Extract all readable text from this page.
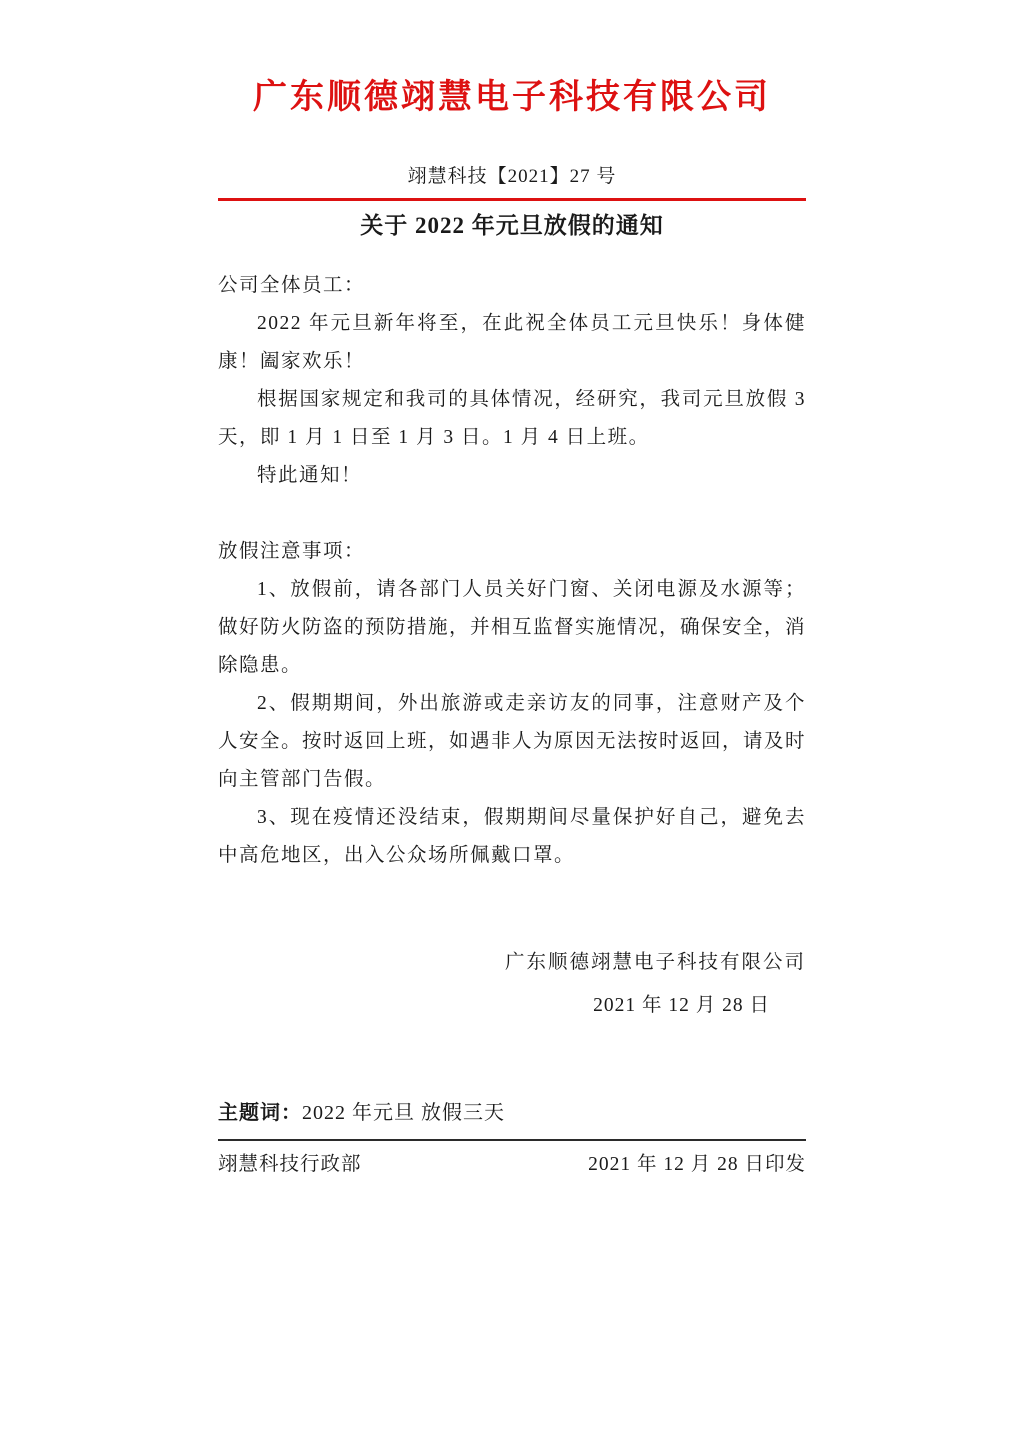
广东顺德翊慧电子科技有限公司
翊慧科技【2021】27 号
关于 2022 年元旦放假的通知

公司全体员工：

2022 年元旦新年将至，在此祝全体员工元旦快乐！身体健康！阖家欢乐！

根据国家规定和我司的具体情况，经研究，我司元旦放假 3 天，即 1 月 1 日至 1 月 3 日。1 月 4 日上班。

特此通知！

放假注意事项：

1、放假前，请各部门人员关好门窗、关闭电源及水源等；做好防火防盗的预防措施，并相互监督实施情况，确保安全，消除隐患。

2、假期期间，外出旅游或走亲访友的同事，注意财产及个人安全。按时返回上班，如遇非人为原因无法按时返回，请及时向主管部门告假。

3、现在疫情还没结束，假期期间尽量保护好自己，避免去中高危地区，出入公众场所佩戴口罩。

广东顺德翊慧电子科技有限公司
2021 年 12 月 28 日
主题词：2022 年元旦 放假三天
翊慧科技行政部	2021 年 12 月 28 日印发
